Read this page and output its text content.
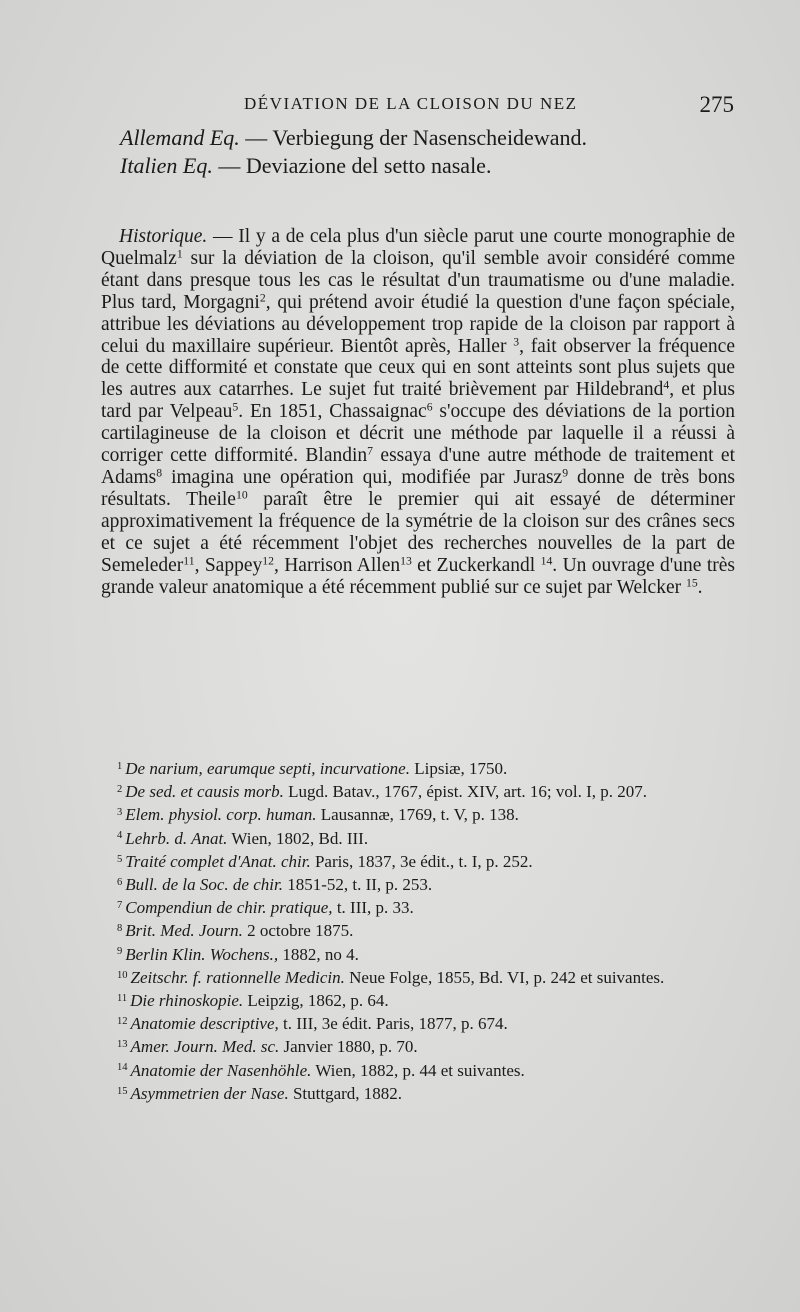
DÉVIATION DE LA CLOISON DU NEZ	275
Allemand Eq. — Verbiegung der Nasenscheidewand.
Italien Eq. — Deviazione del setto nasale.

Historique. — Il y a de cela plus d'un siècle parut une courte monographie de Quelmalz$^1$ sur la déviation de la cloison, qu'il semble avoir considéré comme étant dans presque tous les cas le résultat d'un traumatisme ou d'une maladie. Plus tard, Morgagni$^2$, qui prétend avoir étudié la question d'une façon spéciale, attribue les déviations au développement trop rapide de la cloison par rapport à celui du maxillaire supérieur. Bientôt après, Haller $^3$, fait observer la fréquence de cette difformité et constate que ceux qui en sont atteints sont plus sujets que les autres aux catarrhes. Le sujet fut traité brièvement par Hildebrand$^4$, et plus tard par Velpeau$^5$. En 1851, Chassaignac$^6$ s'occupe des déviations de la portion cartilagineuse de la cloison et décrit une méthode par laquelle il a réussi à corriger cette difformité. Blandin$^7$ essaya d'une autre méthode de traitement et Adams$^8$ imagina une opération qui, modifiée par Jurasz$^9$ donne de très bons résultats. Theile$^{10}$ paraît être le premier qui ait essayé de déterminer approximativement la fréquence de la symétrie de la cloison sur des crânes secs et ce sujet a été récemment l'objet des recherches nouvelles de la part de Semeleder$^{11}$, Sappey$^{12}$, Harrison Allen$^{13}$ et Zuckerkandl $^{14}$. Un ouvrage d'une très grande valeur anatomique a été récemment publié sur ce sujet par Welcker $^{15}$.

$^1$ De narium, earumque septi, incurvatione. Lipsiæ, 1750.

$^2$ De sed. et causis morb. Lugd. Batav., 1767, épist. XIV, art. 16; vol. I, p. 207.

$^3$ Elem. physiol. corp. human. Lausannæ, 1769, t. V, p. 138.

$^4$ Lehrb. d. Anat. Wien, 1802, Bd. III.

$^5$ Traité complet d'Anat. chir. Paris, 1837, 3e édit., t. I, p. 252.

$^6$ Bull. de la Soc. de chir. 1851-52, t. II, p. 253.

$^7$ Compendiun de chir. pratique, t. III, p. 33.

$^8$ Brit. Med. Journ. 2 octobre 1875.

$^9$ Berlin Klin. Wochens., 1882, no 4.

$^{10}$ Zeitschr. f. rationnelle Medicin. Neue Folge, 1855, Bd. VI, p. 242 et suivantes.

$^{11}$ Die rhinoskopie. Leipzig, 1862, p. 64.

$^{12}$ Anatomie descriptive, t. III, 3e édit. Paris, 1877, p. 674.

$^{13}$ Amer. Journ. Med. sc. Janvier 1880, p. 70.

$^{14}$ Anatomie der Nasenhöhle. Wien, 1882, p. 44 et suivantes.

$^{15}$ Asymmetrien der Nase. Stuttgard, 1882.
